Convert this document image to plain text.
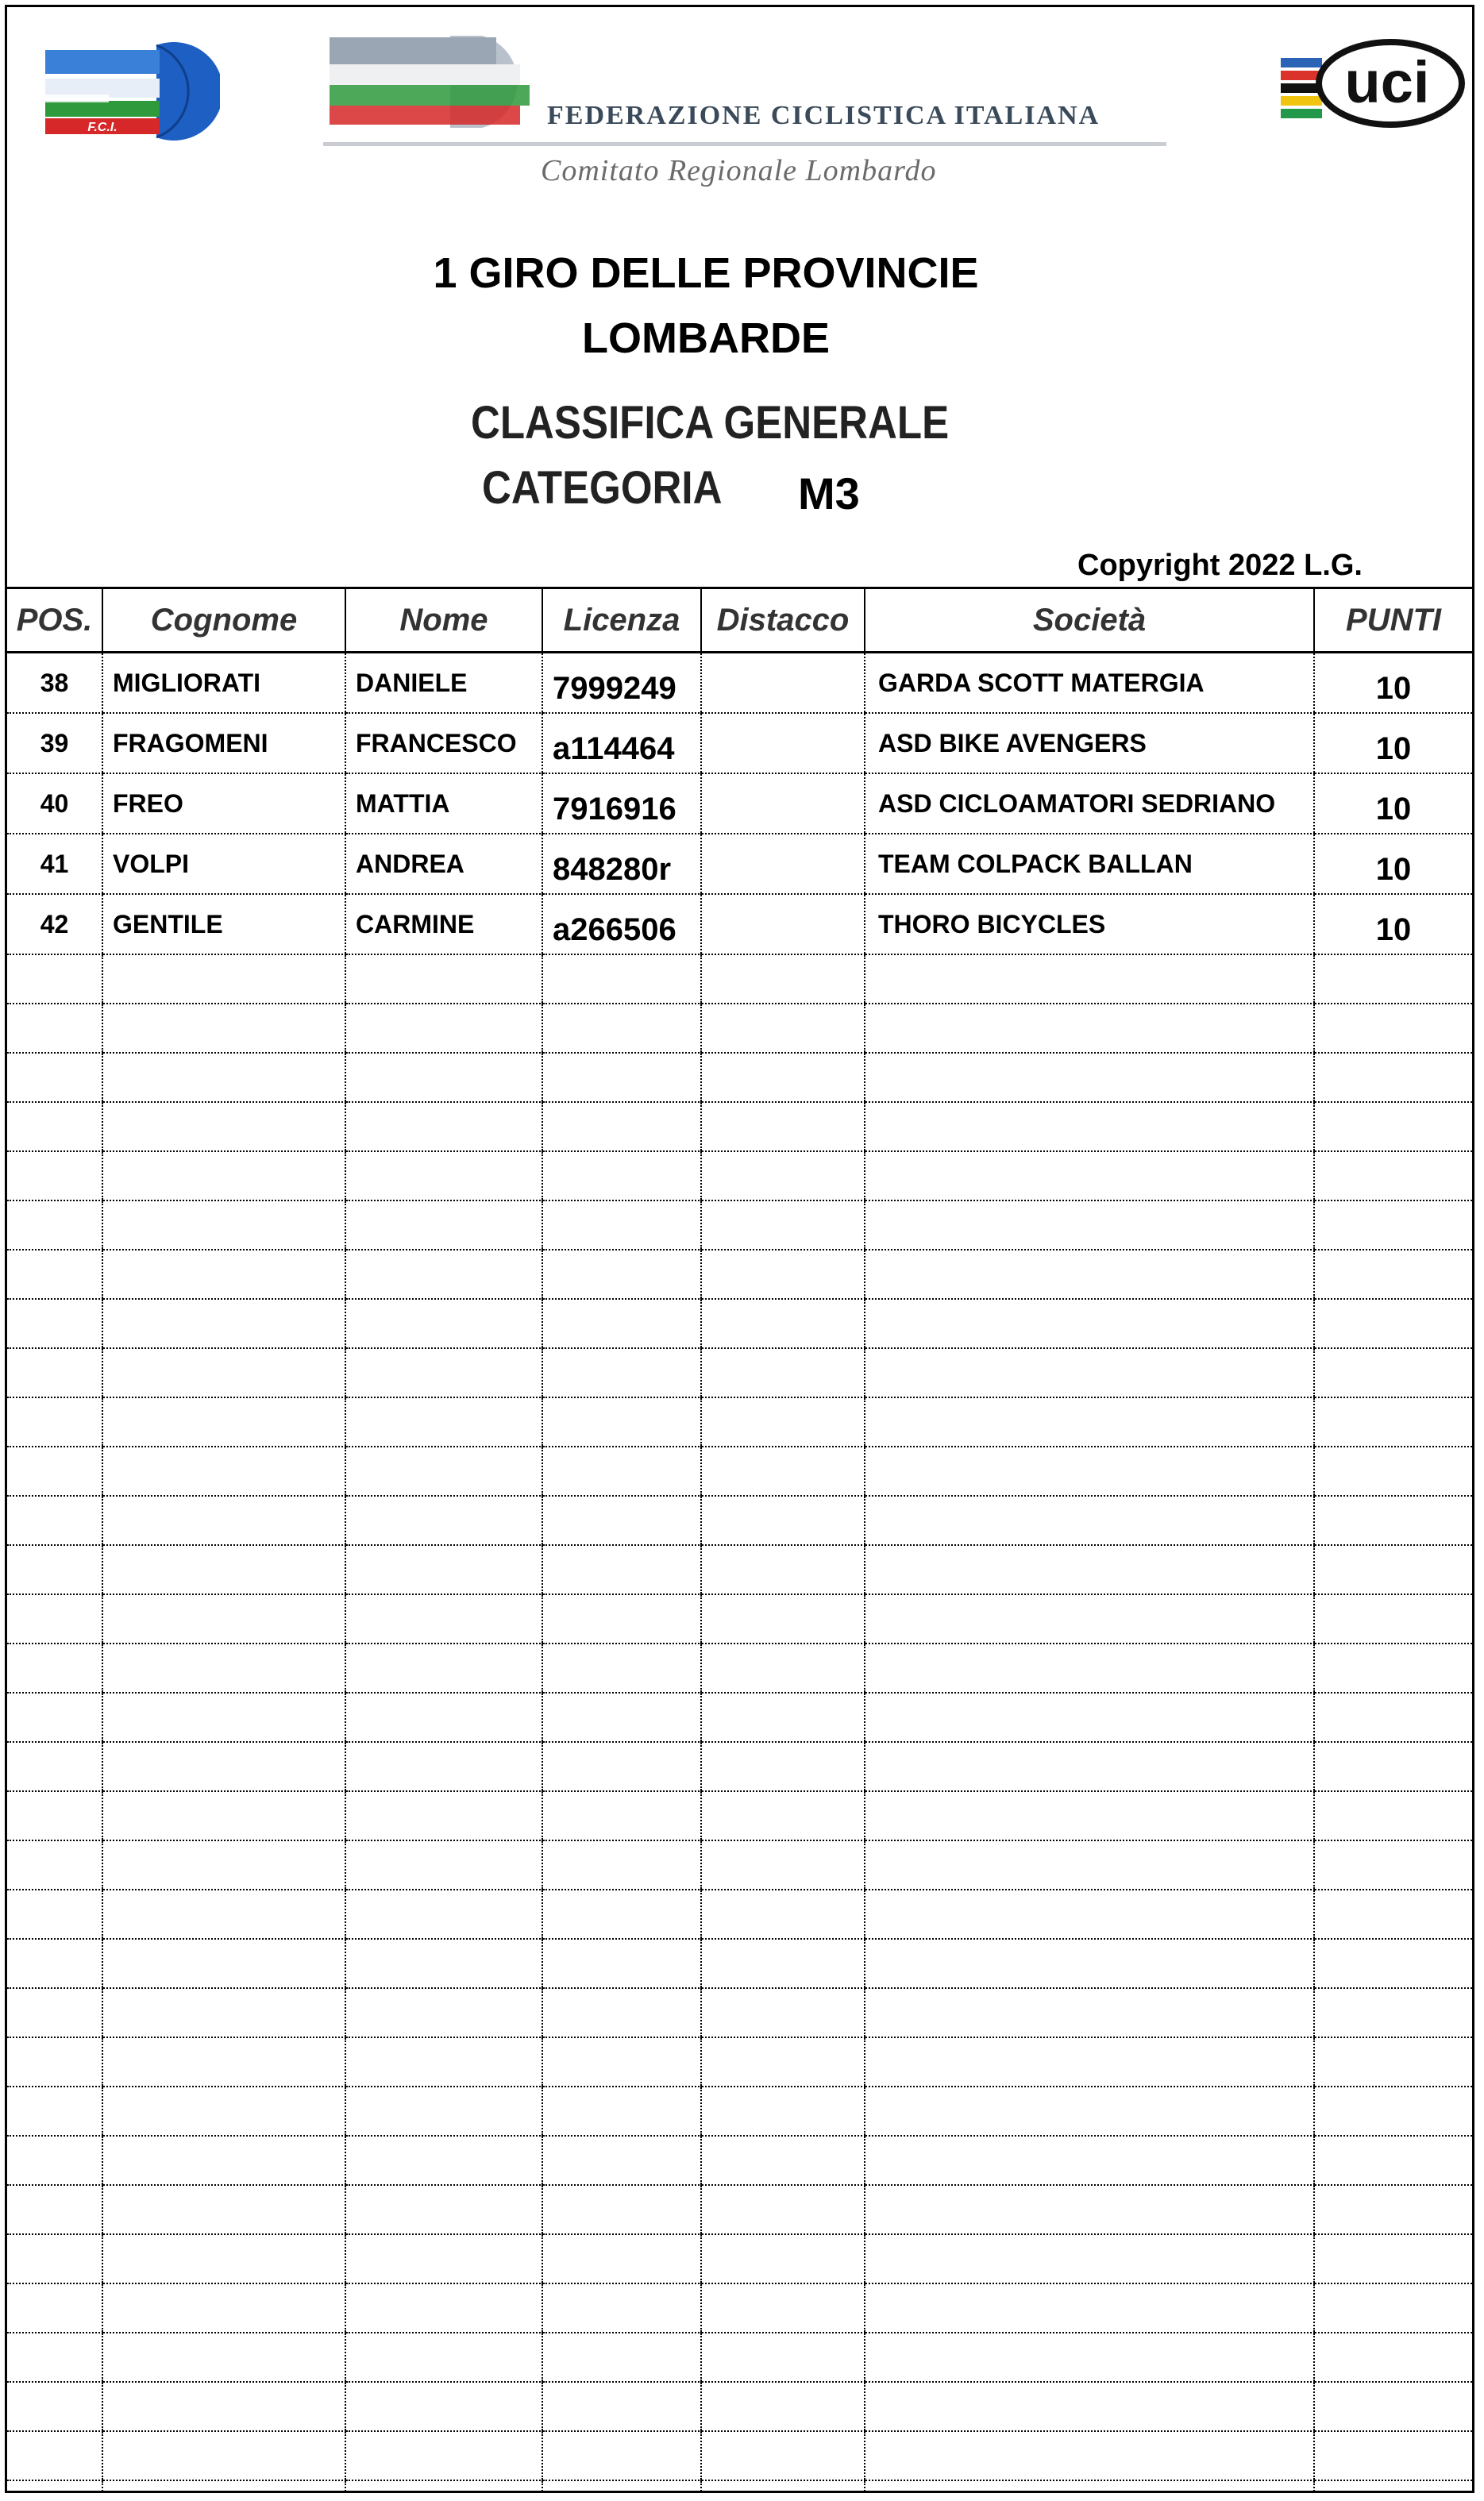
F.C.I.	FEDERAZIONE CICLISTICA ITALIANA
Comitato Regionale Lombardo
uci
1 GIRO DELLE PROVINCIE
LOMBARDE
CLASSIFICA GENERALE
CATEGORIA M3
Copyright 2022 L.G.
POS.	Cognome	Nome	Licenza	Distacco	Società	PUNTI
38	MIGLIORATI	DANIELE	7999249		GARDA SCOTT MATERGIA	10
39	FRAGOMENI	FRANCESCO	a114464		ASD BIKE AVENGERS	10
40	FREO	MATTIA	7916916		ASD CICLOAMATORI SEDRIANO	10
41	VOLPI	ANDREA	848280r		TEAM COLPACK BALLAN	10
42	GENTILE	CARMINE	a266506		THORO BICYCLES	10
